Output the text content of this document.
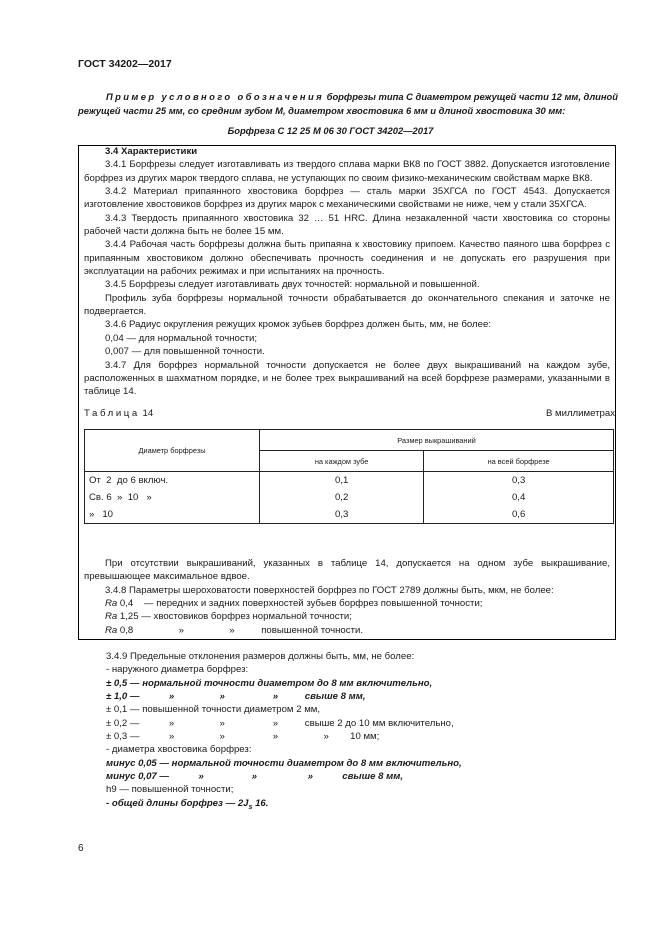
ГОСТ 34202—2017
Пример условного обозначения борфрезы типа С диаметром режущей части 12 мм, длиной режущей части 25 мм, со средним зубом М, диаметром хвостовика 6 мм и длиной хвостовика 30 мм:
Борфреза С 12 25 М 06 30 ГОСТ 34202—2017

3.4 Характеристики

3.4.1 Борфрезы следует изготавливать из твердого сплава марки ВК8 по ГОСТ 3882. Допускается изготовление борфрез из других марок твердого сплава, не уступающих по своим физико-механическим свойствам марке ВК8.

3.4.2 Материал припаянного хвостовика борфрез — сталь марки 35ХГСА по ГОСТ 4543. Допускается изготовление хвостовиков борфрез из других марок с механическими свойствами не ниже, чем у стали 35ХГСА.

3.4.3 Твердость припаянного хвостовика 32 … 51 HRC. Длина незакаленной части хвостовика со стороны рабочей части должна быть не более 15 мм.

3.4.4 Рабочая часть борфрезы должна быть припаяна к хвостовику припоем. Качество паяного шва борфрез с припаянным хвостовиком должно обеспечивать прочность соединения и не допускать его разрушения при эксплуатации на рабочих режимах и при испытаниях на прочность.

3.4.5 Борфрезы следует изготавливать двух точностей: нормальной и повышенной.

Профиль зуба борфрезы нормальной точности обрабатывается до окончательного спекания и заточке не подвергается.

3.4.6 Радиус округления режущих кромок зубьев борфрез должен быть, мм, не более:

0,04 — для нормальной точности;

0,007 — для повышенной точности.

3.4.7 Для борфрез нормальной точности допускается не более двух выкрашиваний на каждом зубе, расположенных в шахматном порядке, и не более трех выкрашиваний на всей борфрезе размерами, указанными в таблице 14.

Таблица 14	В миллиметрах
Диаметр борфрезы	Размер выкрашиваний	
	на каждом зубе	на всей борфрезе
От  2  до 6 включ.	0,1	0,3
Св. 6  »  10   »	0,2	0,4
»   10	0,3	0,6

При отсутствии выкрашиваний, указанных в таблице 14, допускается на одном зубе выкрашивание, превышающее максимальное вдвое.

3.4.8 Параметры шероховатости поверхностей борфрез по ГОСТ 2789 должны быть, мкм, не более:

Ra 0,4    — передних и задних поверхностей зубьев борфрез повышенной точности;

Ra 1,25 — хвостовиков борфрез нормальной точности;

Ra 0,8                 »                 »          повышенной точности.

3.4.9 Предельные отклонения размеров должны быть, мм, не более:

- наружного диаметра борфрез:

± 0,5 — нормальной точности диаметром до 8 мм включительно,

± 1,0 —           »                 »                  »          свыше 8 мм,

± 0,1 — повышенной точности диаметром 2 мм,

± 0,2 —           »                 »                  »          свыше 2 до 10 мм включительно,

± 0,3 —           »                 »                  »                 »        10 мм;

- диаметра хвостовика борфрез:

минус 0,05 — нормальной точности диаметром до 8 мм включительно,

минус 0,07 —           »                  »                   »           свыше 8 мм,

h9 — повышенной точности;

- общей длины борфрез — $2J_s$ 16.

6
